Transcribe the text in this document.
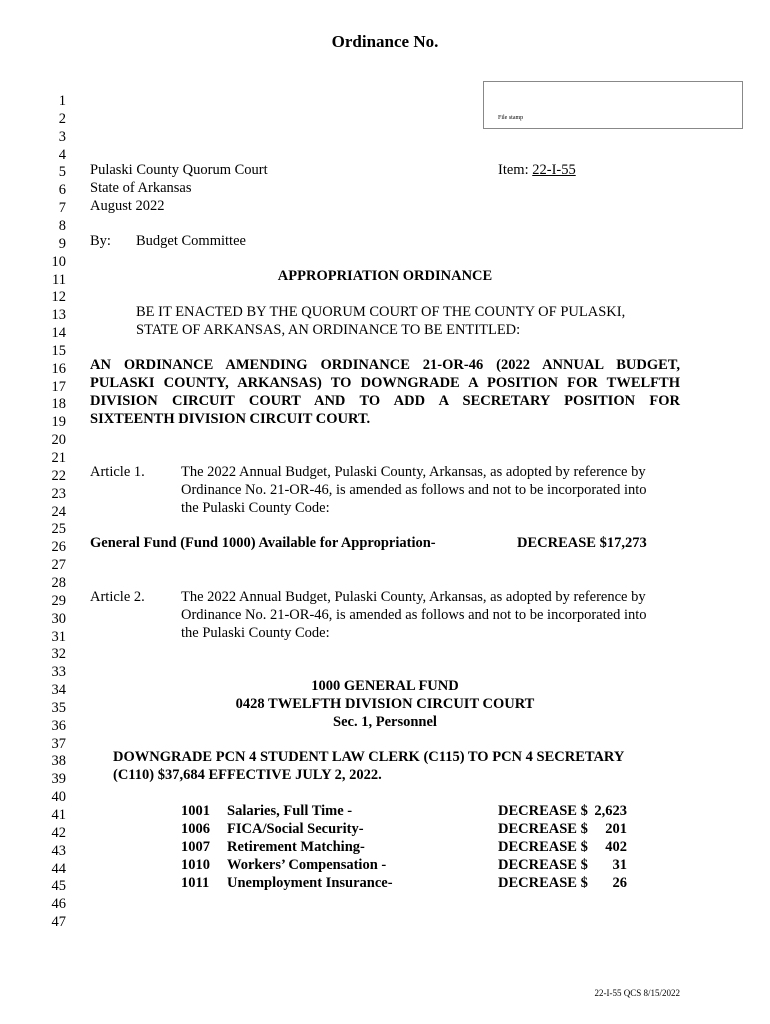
Ordinance No.
File stamp
1
2
3
4
5
6
7
8
9
10
11
12
13
14
15
16
17
18
19
20
21
22
23
24
25
26
27
28
29
30
31
32
33
34
35
36
37
38
39
40
41
42
43
44
45
46
47
Pulaski County Quorum Court
State of Arkansas
August 2022
Item: 22-I-55
By: Budget Committee
APPROPRIATION ORDINANCE
BE IT ENACTED BY THE QUORUM COURT OF THE COUNTY OF PULASKI,
STATE OF ARKANSAS, AN ORDINANCE TO BE ENTITLED:
AN ORDINANCE AMENDING ORDINANCE 21-OR-46 (2022 ANNUAL BUDGET,
PULASKI COUNTY, ARKANSAS) TO DOWNGRADE A POSITION FOR TWELFTH
DIVISION CIRCUIT COURT AND TO ADD A SECRETARY POSITION FOR
SIXTEENTH DIVISION CIRCUIT COURT.
Article 1. The 2022 Annual Budget, Pulaski County, Arkansas, as adopted by reference by
Ordinance No. 21-OR-46, is amended as follows and not to be incorporated into
the Pulaski County Code:
General Fund (Fund 1000) Available for Appropriation-	DECREASE $17,273
Article 2. The 2022 Annual Budget, Pulaski County, Arkansas, as adopted by reference by
Ordinance No. 21-OR-46, is amended as follows and not to be incorporated into
the Pulaski County Code:
1000 GENERAL FUND
0428 TWELFTH DIVISION CIRCUIT COURT
Sec. 1, Personnel
DOWNGRADE PCN 4 STUDENT LAW CLERK (C115) TO PCN 4 SECRETARY
(C110) $37,684 EFFECTIVE JULY 2, 2022.
1001 Salaries, Full Time -	DECREASE $ 2,623
1006 FICA/Social Security-	DECREASE $ 201
1007 Retirement Matching-	DECREASE $ 402
1010 Workers’ Compensation -	DECREASE $ 31
1011 Unemployment Insurance-	DECREASE $ 26
22-I-55 QCS 8/15/2022
